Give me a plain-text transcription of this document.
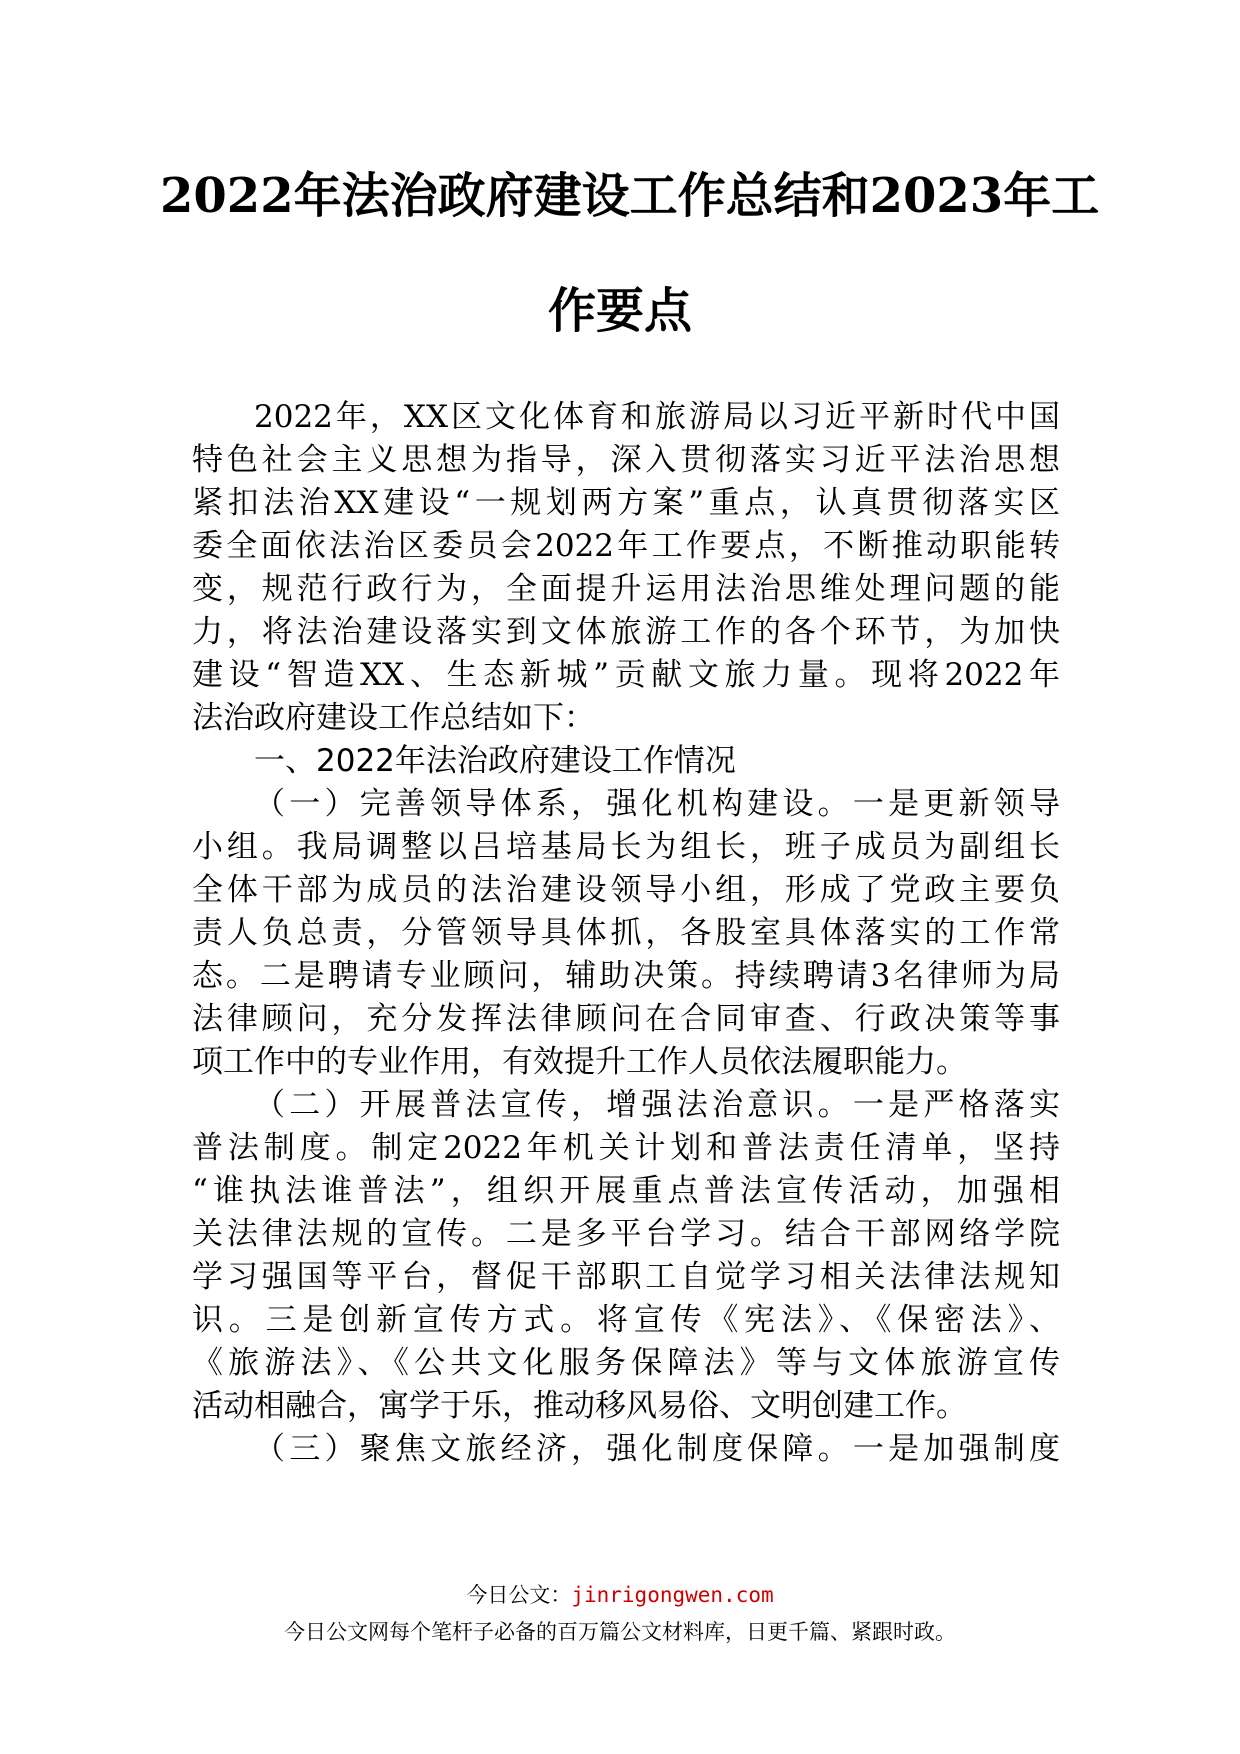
2022年法治政府建设工作总结和2023年工
作要点

2022年，XX区文化体育和旅游局以习近平新时代中国

特色社会主义思想为指导，深入贯彻落实习近平法治思想

紧扣法治XX建设“一规划两方案”重点，认真贯彻落实区

委全面依法治区委员会2022年工作要点，不断推动职能转

变，规范行政行为，全面提升运用法治思维处理问题的能

力，将法治建设落实到文体旅游工作的各个环节，为加快

建设“智造XX、生态新城”贡献文旅力量。现将2022年

法治政府建设工作总结如下：

一、2022年法治政府建设工作情况

（一）完善领导体系，强化机构建设。一是更新领导

小组。我局调整以吕培基局长为组长，班子成员为副组长

全体干部为成员的法治建设领导小组，形成了党政主要负

责人负总责，分管领导具体抓，各股室具体落实的工作常

态。二是聘请专业顾问，辅助决策。持续聘请3名律师为局

法律顾问，充分发挥法律顾问在合同审查、行政决策等事

项工作中的专业作用，有效提升工作人员依法履职能力。

（二）开展普法宣传，增强法治意识。一是严格落实

普法制度。制定2022年机关计划和普法责任清单，坚持

“谁执法谁普法”，组织开展重点普法宣传活动，加强相

关法律法规的宣传。二是多平台学习。结合干部网络学院

学习强国等平台，督促干部职工自觉学习相关法律法规知

识。三是创新宣传方式。将宣传《宪法》、《保密法》、

《旅游法》、《公共文化服务保障法》等与文体旅游宣传

活动相融合，寓学于乐，推动移风易俗、文明创建工作。

（三）聚焦文旅经济，强化制度保障。一是加强制度

今日公文：jinrigongwen.com

今日公文网每个笔杆子必备的百万篇公文材料库，日更千篇、紧跟时政。
